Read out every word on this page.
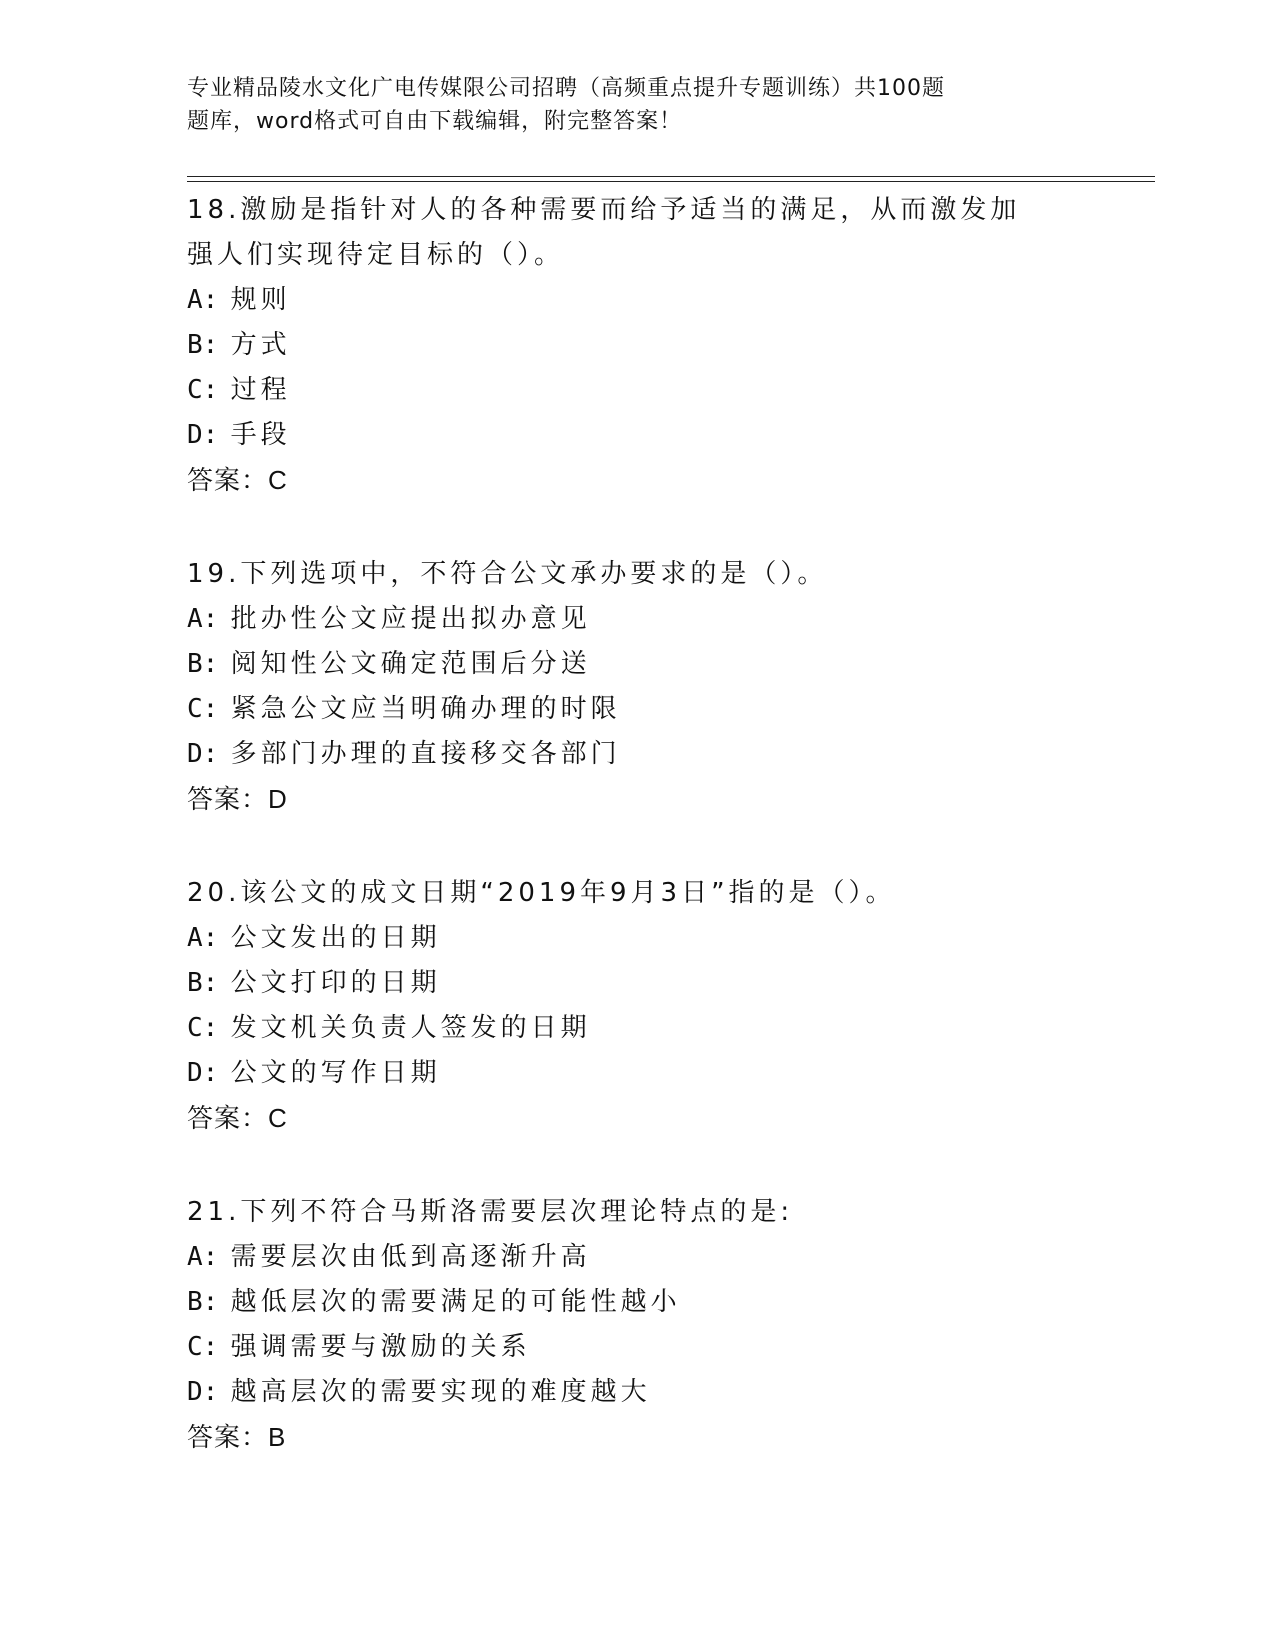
专业精品陵水文化广电传媒限公司招聘（高频重点提升专题训练）共100题
题库，word格式可自由下载编辑，附完整答案！

18.激励是指针对人的各种需要而给予适当的满足，从而激发加强人们实现待定目标的（）。

A: 规则

B: 方式

C: 过程

D: 手段

答案：C

19.下列选项中，不符合公文承办要求的是（）。

A: 批办性公文应提出拟办意见

B: 阅知性公文确定范围后分送

C: 紧急公文应当明确办理的时限

D: 多部门办理的直接移交各部门

答案：D

20.该公文的成文日期“2019年9月3日”指的是（）。

A: 公文发出的日期

B: 公文打印的日期

C: 发文机关负责人签发的日期

D: 公文的写作日期

答案：C

21.下列不符合马斯洛需要层次理论特点的是:

A: 需要层次由低到高逐渐升高

B: 越低层次的需要满足的可能性越小

C: 强调需要与激励的关系

D: 越高层次的需要实现的难度越大

答案：B
